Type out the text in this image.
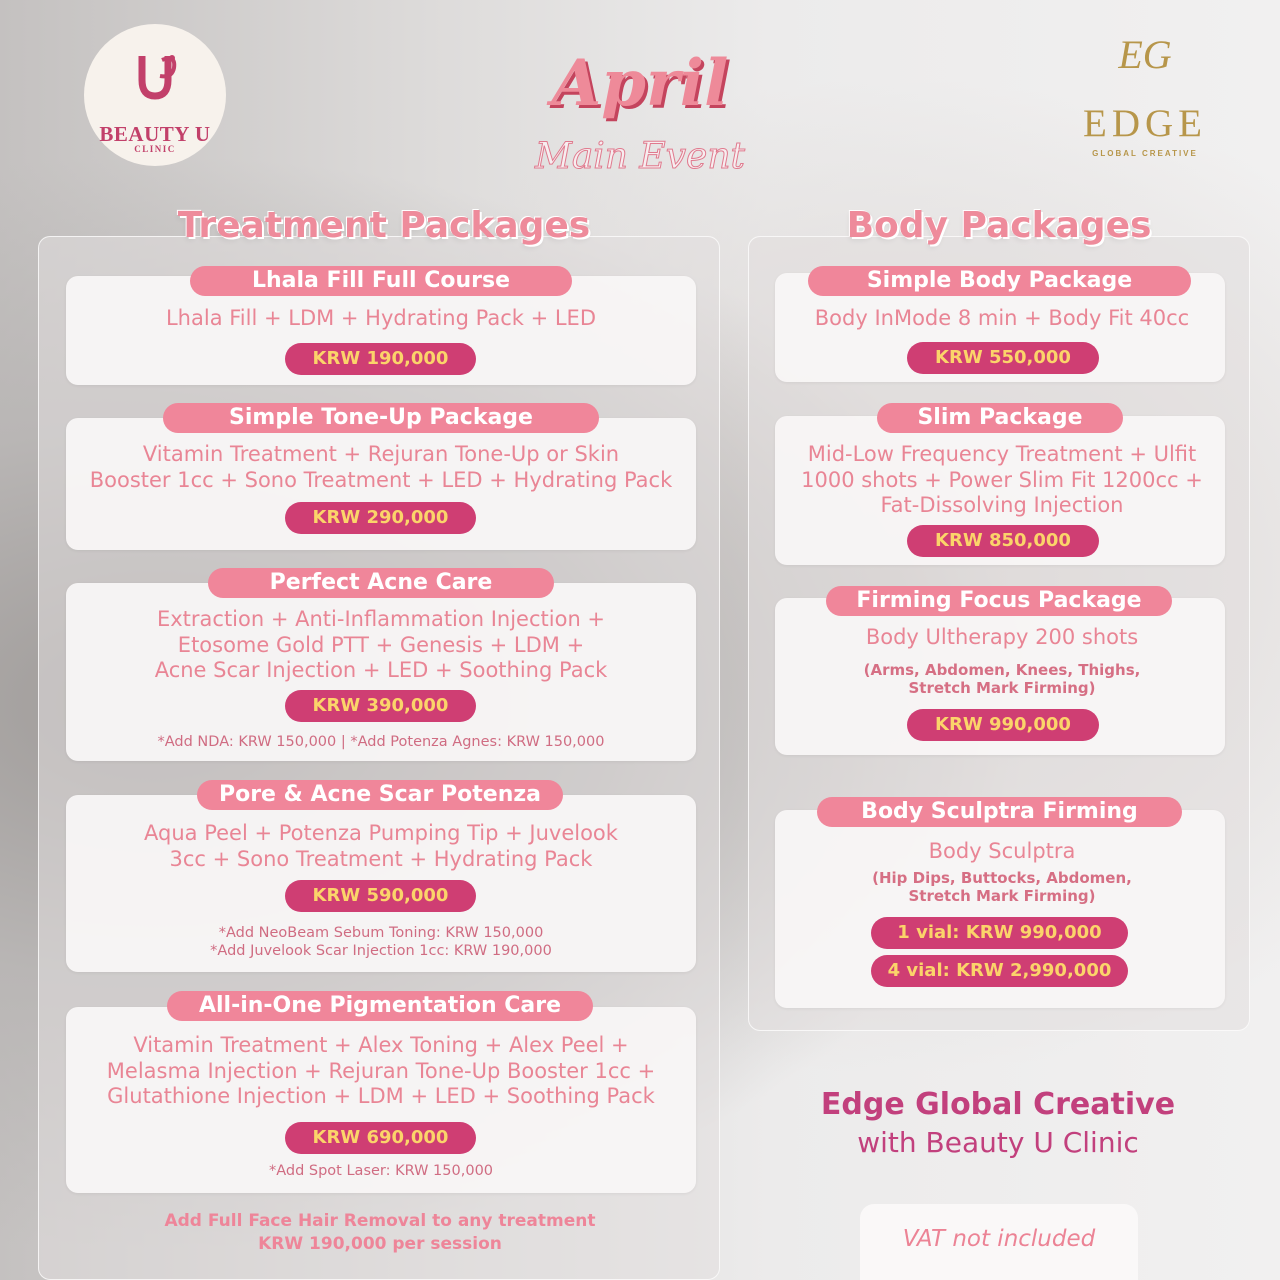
BEAUTY U
CLINIC
EG
EDGE
GLOBAL CREATIVE
April
Main Event
Treatment Packages
Lhala Fill Full Course
Lhala Fill + LDM + Hydrating Pack + LED
KRW 190,000
Simple Tone-Up Package
Vitamin Treatment + Rejuran Tone-Up or Skin
Booster 1cc + Sono Treatment + LED + Hydrating Pack
KRW 290,000
Perfect Acne Care
Extraction + Anti-Inflammation Injection +
Etosome Gold PTT + Genesis + LDM +
Acne Scar Injection + LED + Soothing Pack
KRW 390,000
*Add NDA: KRW 150,000 | *Add Potenza Agnes: KRW 150,000
Pore & Acne Scar Potenza
Aqua Peel + Potenza Pumping Tip + Juvelook
3cc + Sono Treatment + Hydrating Pack
KRW 590,000
*Add NeoBeam Sebum Toning: KRW 150,000
*Add Juvelook Scar Injection 1cc: KRW 190,000
All-in-One Pigmentation Care
Vitamin Treatment + Alex Toning + Alex Peel +
Melasma Injection + Rejuran Tone-Up Booster 1cc +
Glutathione Injection + LDM + LED + Soothing Pack
KRW 690,000
*Add Spot Laser: KRW 150,000
Add Full Face Hair Removal to any treatment
KRW 190,000 per session
Body Packages
Simple Body Package
Body InMode 8 min + Body Fit 40cc
KRW 550,000
Slim Package
Mid-Low Frequency Treatment + Ulfit
1000 shots + Power Slim Fit 1200cc +
Fat-Dissolving Injection
KRW 850,000
Firming Focus Package
Body Ultherapy 200 shots
(Arms, Abdomen, Knees, Thighs,
Stretch Mark Firming)
KRW 990,000
Body Sculptra Firming
Body Sculptra
(Hip Dips, Buttocks, Abdomen,
Stretch Mark Firming)
1 vial: KRW 990,000
4 vial: KRW 2,990,000
Edge Global Creative
with Beauty U Clinic
VAT not included
